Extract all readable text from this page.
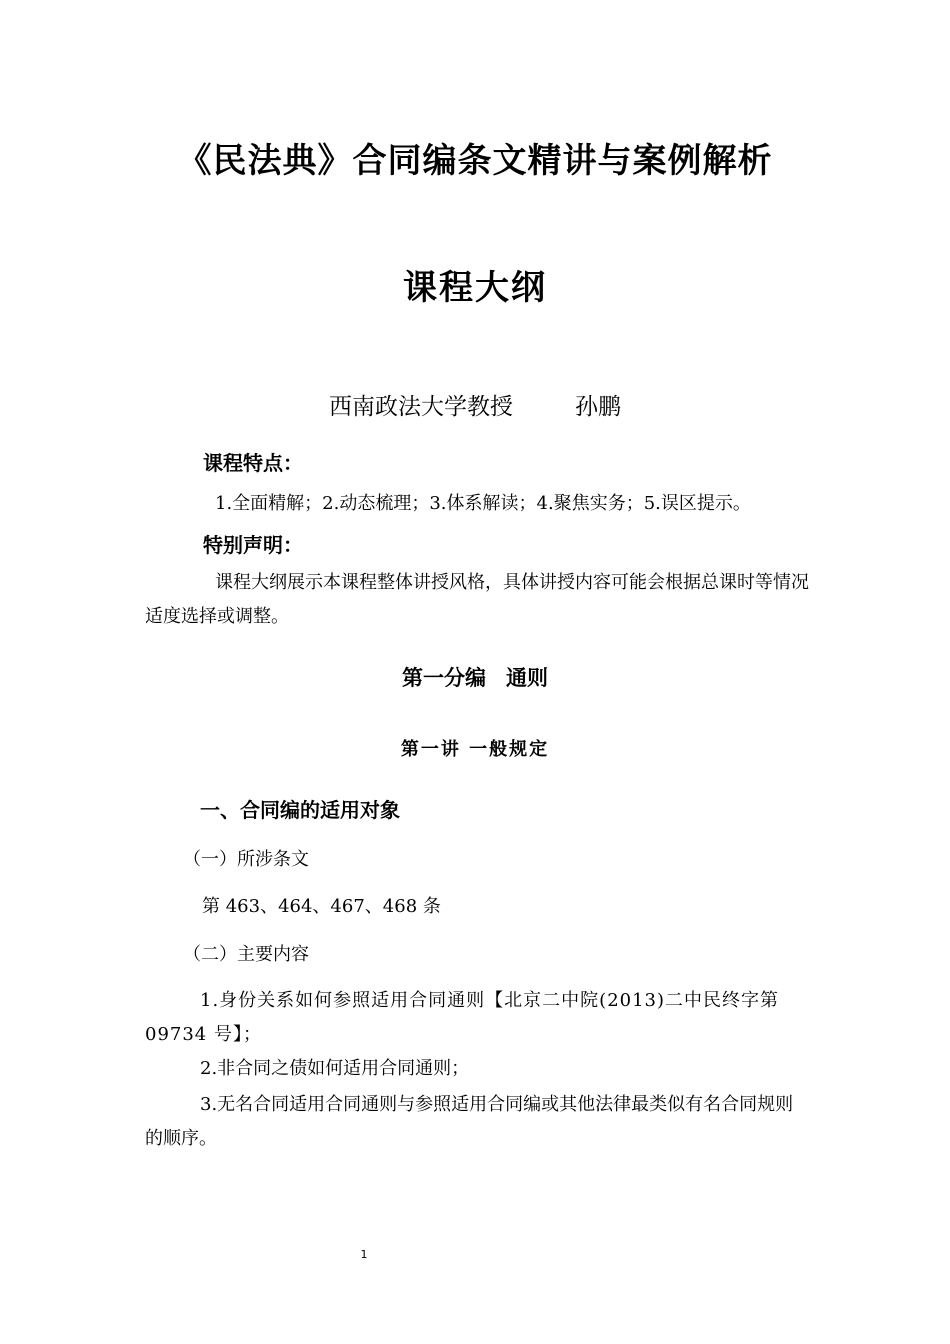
《民法典》合同编条文精讲与案例解析
课程大纲
西南政法大学教授	孙鹏
课程特点：
1.全面精解；2.动态梳理；3.体系解读；4.聚焦实务；5.误区提示。
特别声明：
课程大纲展示本课程整体讲授风格，具体讲授内容可能会根据总课时等情况适度选择或调整。
第一分编 通则
第一讲 一般规定
一、合同编的适用对象
（一）所涉条文
第 463、464、467、468 条
（二）主要内容
1.身份关系如何参照适用合同通则【北京二中院(2013)二中民终字第 09734 号】；
2.非合同之债如何适用合同通则；
3.无名合同适用合同通则与参照适用合同编或其他法律最类似有名合同规则的顺序。
1
